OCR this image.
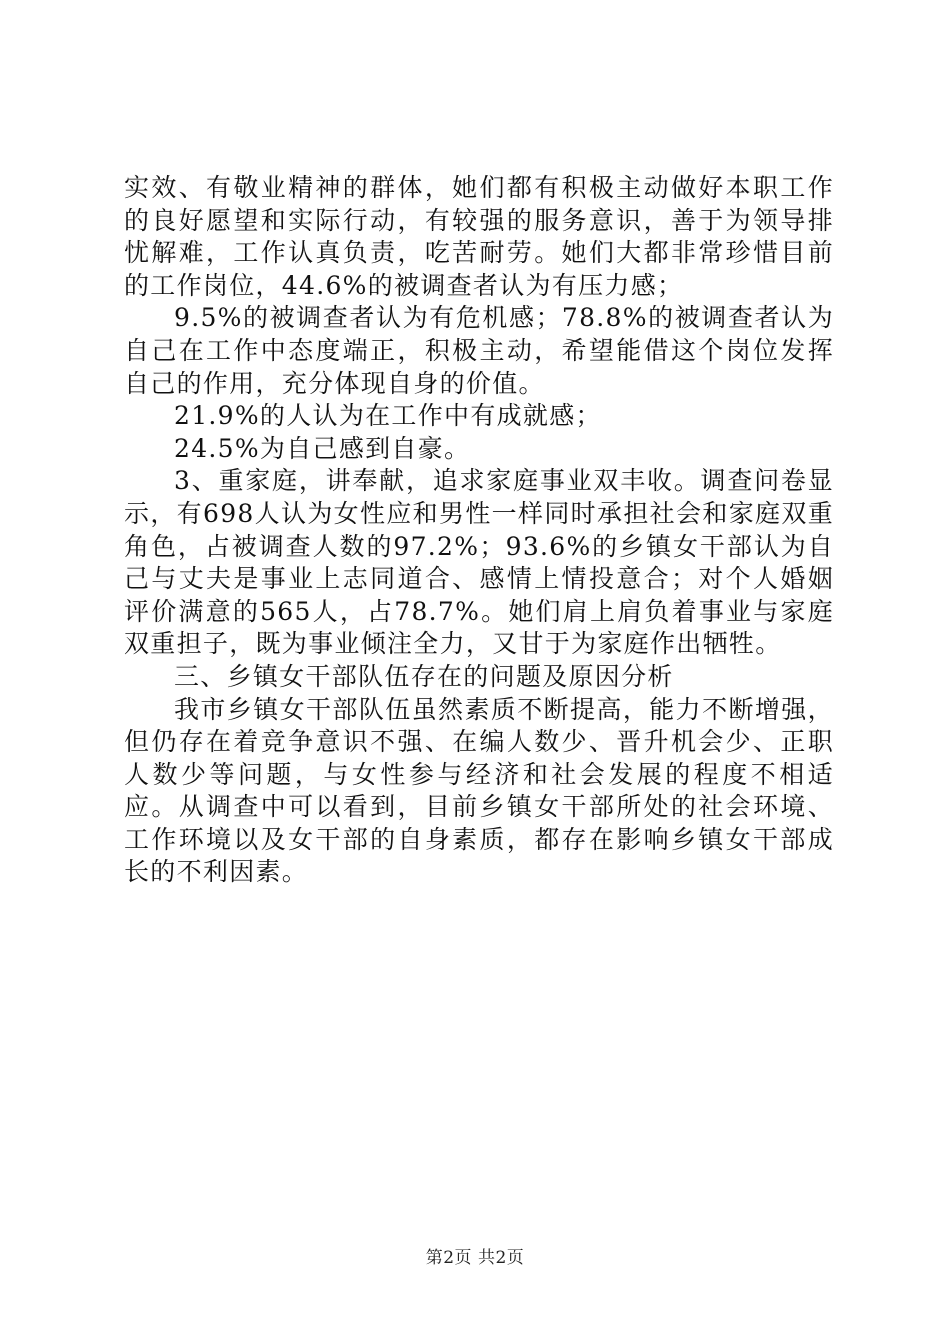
实效、有敬业精神的群体，她们都有积极主动做好本职工作的良好愿望和实际行动，有较强的服务意识，善于为领导排忧解难，工作认真负责，吃苦耐劳。她们大都非常珍惜目前的工作岗位，44.6%的被调查者认为有压力感；

9.5%的被调查者认为有危机感；78.8%的被调查者认为自己在工作中态度端正，积极主动，希望能借这个岗位发挥自己的作用，充分体现自身的价值。

21.9%的人认为在工作中有成就感；

24.5%为自己感到自豪。

3、重家庭，讲奉献，追求家庭事业双丰收。调查问卷显示，有698人认为女性应和男性一样同时承担社会和家庭双重角色，占被调查人数的97.2%；93.6%的乡镇女干部认为自己与丈夫是事业上志同道合、感情上情投意合；对个人婚姻评价满意的565人，占78.7%。她们肩上肩负着事业与家庭双重担子，既为事业倾注全力，又甘于为家庭作出牺牲。

三、乡镇女干部队伍存在的问题及原因分析

我市乡镇女干部队伍虽然素质不断提高，能力不断增强，但仍存在着竞争意识不强、在编人数少、晋升机会少、正职人数少等问题，与女性参与经济和社会发展的程度不相适应。从调查中可以看到，目前乡镇女干部所处的社会环境、工作环境以及女干部的自身素质，都存在影响乡镇女干部成长的不利因素。

第2页 共2页
